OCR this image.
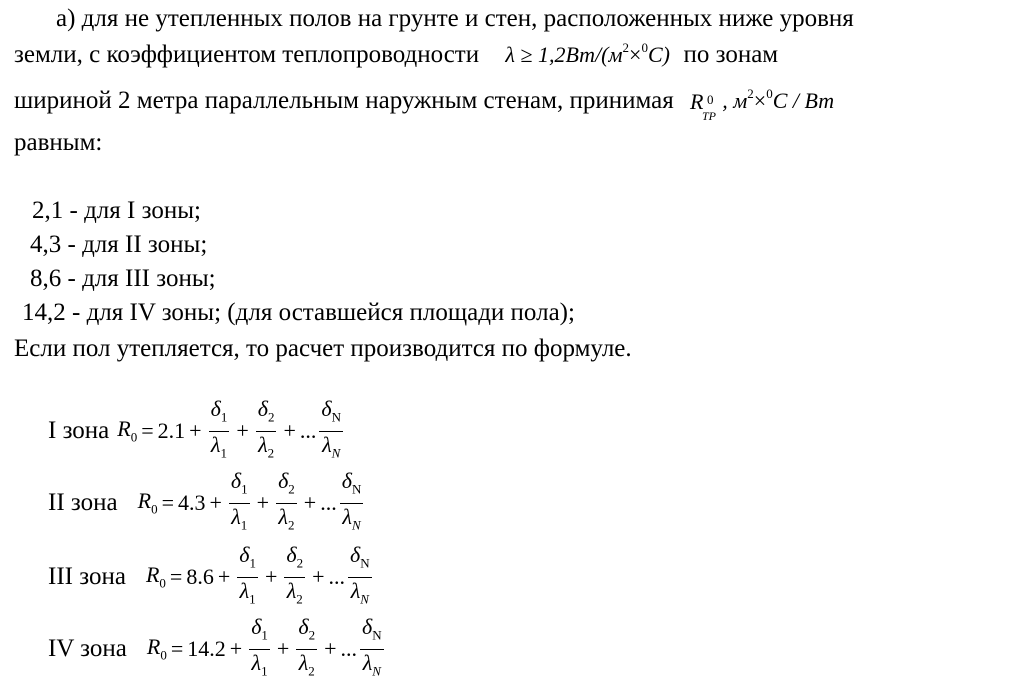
а) для не утепленных полов на грунте и стен, расположенных ниже уровня
земли, с коэффициентом теплопроводности $\lambda \ge 1,2Вт/(м^2\times^0С)$ по зонам
шириной 2 метра параллельным наружным стенам, принимая R 0
ТР
, $м^2\times^0С$ / Вт
равным:
2,1 - для I зоны;
4,3 - для II зоны;
8,6 - для III зоны;
14,2 - для IV зоны; (для оставшейся площади пола);
Если пол утепляется, то расчет производится по формуле.
I зона $R_0 = 2.1 + \frac{\delta_1}{\lambda_1} + \frac{\delta_2}{\lambda_2}$ + ... $\frac{\delta_N}{\lambda_N}$
II зона $R_0 = 4.3 + \frac{\delta_1}{\lambda_1} + \frac{\delta_2}{\lambda_2}$ + ... $\frac{\delta_N}{\lambda_N}$
III зона $R_0 = 8.6 + \frac{\delta_1}{\lambda_1} + \frac{\delta_2}{\lambda_2}$ + ... $\frac{\delta_N}{\lambda_N}$
IV зона $R_0 = 14.2 + \frac{\delta_1}{\lambda_1} + \frac{\delta_2}{\lambda_2}$ + ... $\frac{\delta_N}{\lambda_N}$
